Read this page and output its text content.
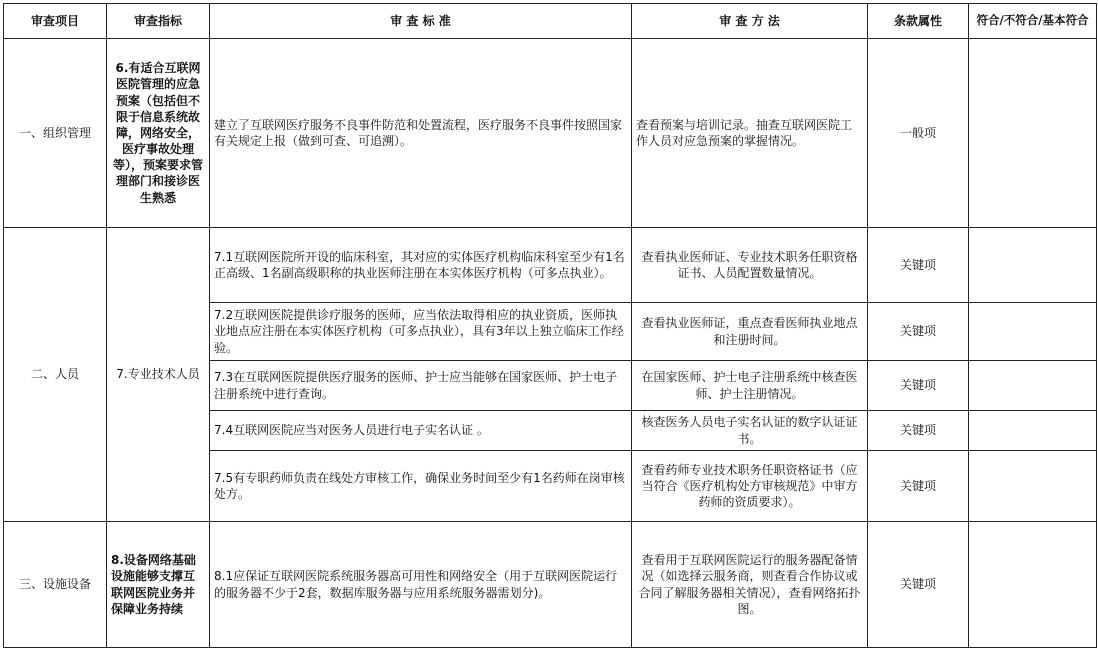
审查项目	审查指标	审 查 标 准	审 查 方 法	条款属性	符合/不符合/基本符合
一、组织管理	6.有适合互联网医院管理的应急预案（包括但不限于信息系统故障，网络安全，医疗事故处理等），预案要求管理部门和接诊医生熟悉	建立了互联网医疗服务不良事件防范和处置流程，医疗服务不良事件按照国家有关规定上报（做到可查、可追溯）。	查看预案与培训记录。抽查互联网医院工作人员对应急预案的掌握情况。	一般项	
二、人员	7.专业技术人员	7.1互联网医院所开设的临床科室，其对应的实体医疗机构临床科室至少有1名正高级、1名副高级职称的执业医师注册在本实体医疗机构（可多点执业）。	查看执业医师证、专业技术职务任职资格证书、人员配置数量情况。	关键项	
		7.2互联网医院提供诊疗服务的医师，应当依法取得相应的执业资质，医师执业地点应注册在本实体医疗机构（可多点执业），具有3年以上独立临床工作经验。	查看执业医师证，重点查看医师执业地点和注册时间。	关键项	
		7.3在互联网医院提供医疗服务的医师、护士应当能够在国家医师、护士电子注册系统中进行查询。	在国家医师、护士电子注册系统中核查医师、护士注册情况。	关键项	
		7.4互联网医院应当对医务人员进行电子实名认证 。	核查医务人员电子实名认证的数字认证证书。	关键项	
		7.5有专职药师负责在线处方审核工作，确保业务时间至少有1名药师在岗审核处方。	查看药师专业技术职务任职资格证书（应当符合《医疗机构处方审核规范》中审方药师的资质要求）。	关键项	
三、设施设备	8.设备网络基础设施能够支撑互联网医院业务并保障业务持续	8.1应保证互联网医院系统服务器高可用性和网络安全（用于互联网医院运行的服务器不少于2套，数据库服务器与应用系统服务器需划分)。	查看用于互联网医院运行的服务器配备情况（如选择云服务商，则查看合作协议或合同了解服务器相关情况），查看网络拓扑图。	关键项	
